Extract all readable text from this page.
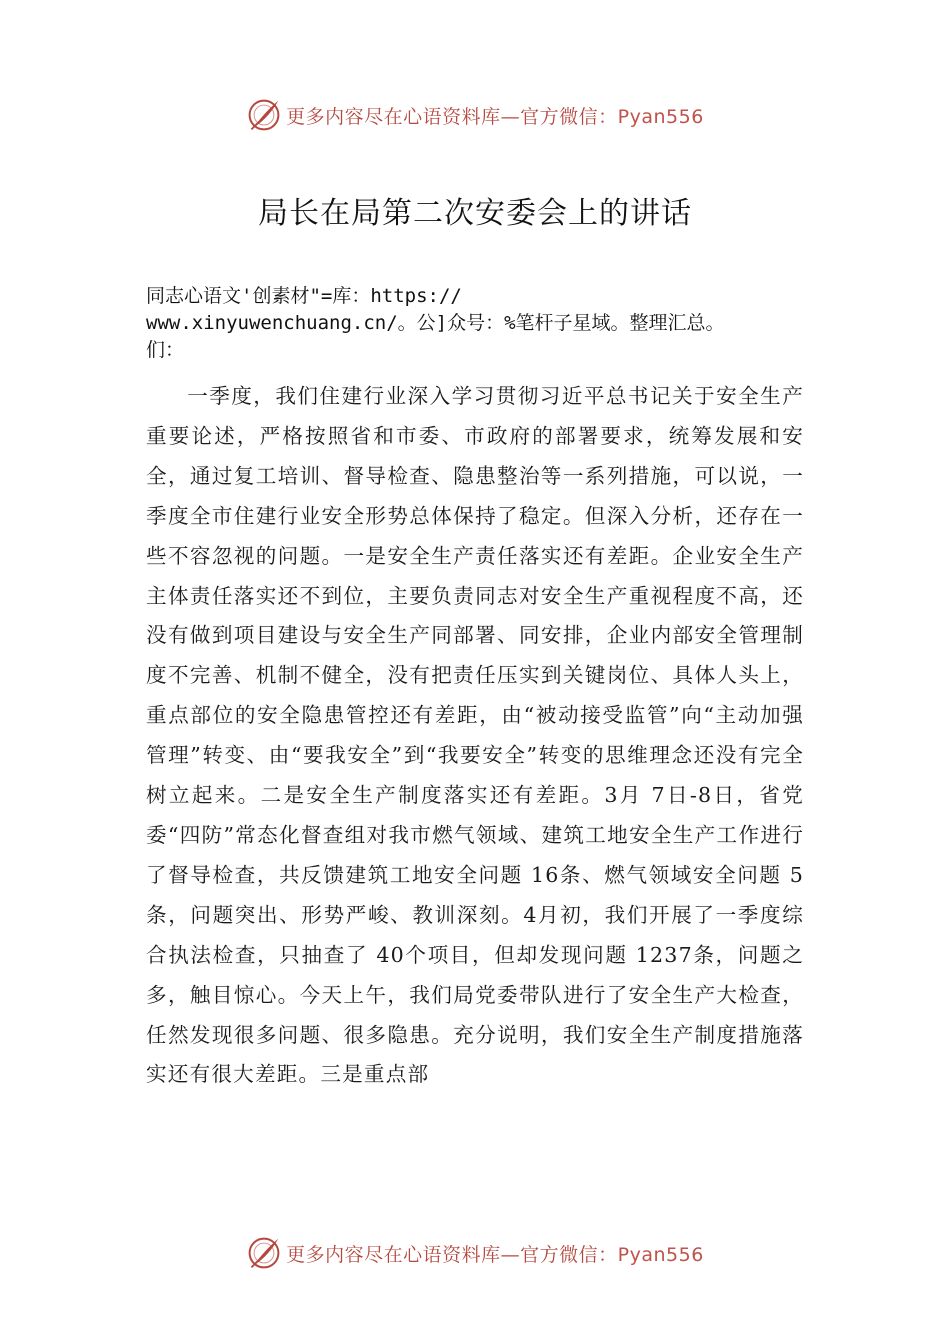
更多内容尽在心语资料库—官方微信：Pyan556
局长在局第二次安委会上的讲话
同志心语文'创素材"=库：https://
www.xinyuwenchuang.cn/。公]众号：%笔杆子星域。整理汇总。
们：
一季度，我们住建行业深入学习贯彻习近平总书记关于安全生产重要论述，严格按照省和市委、市政府的部署要求，统筹发展和安全，通过复工培训、督导检查、隐患整治等一系列措施，可以说，一季度全市住建行业安全形势总体保持了稳定。但深入分析，还存在一些不容忽视的问题。一是安全生产责任落实还有差距。企业安全生产主体责任落实还不到位，主要负责同志对安全生产重视程度不高，还没有做到项目建设与安全生产同部署、同安排，企业内部安全管理制度不完善、机制不健全，没有把责任压实到关键岗位、具体人头上，重点部位的安全隐患管控还有差距，由“被动接受监管”向“主动加强管理”转变、由“要我安全”到“我要安全”转变的思维理念还没有完全树立起来。二是安全生产制度落实还有差距。3月 7日-8日，省党委“四防”常态化督查组对我市燃气领域、建筑工地安全生产工作进行了督导检查，共反馈建筑工地安全问题 16条、燃气领域安全问题 5条，问题突出、形势严峻、教训深刻。4月初，我们开展了一季度综合执法检查，只抽查了 40个项目，但却发现问题 1237条，问题之多，触目惊心。今天上午，我们局党委带队进行了安全生产大检查，任然发现很多问题、很多隐患。充分说明，我们安全生产制度措施落实还有很大差距。三是重点部
更多内容尽在心语资料库—官方微信：Pyan556
